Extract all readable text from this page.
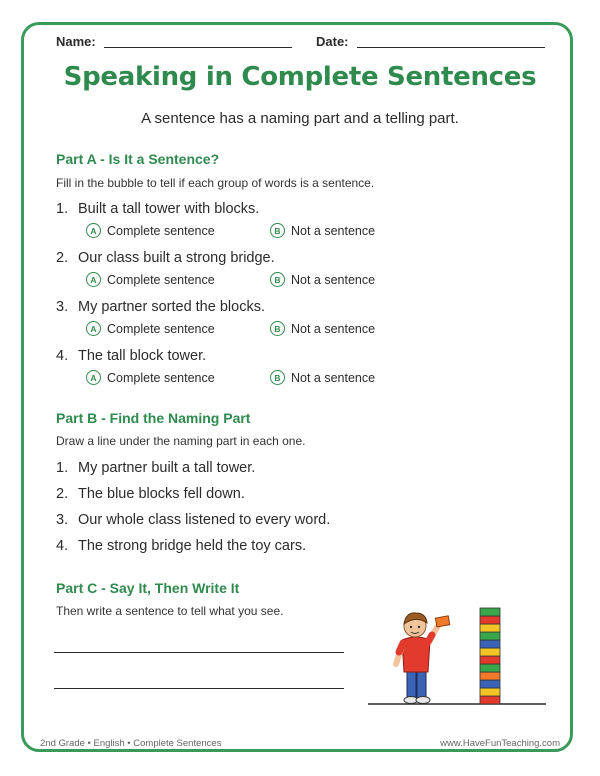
Name:	Date:
Speaking in Complete Sentences
A sentence has a naming part and a telling part.
Part A - Is It a Sentence?
Fill in the bubble to tell if each group of words is a sentence.
1. Built a tall tower with blocks.
A Complete sentence	B Not a sentence
2. Our class built a strong bridge.
A Complete sentence	B Not a sentence
3. My partner sorted the blocks.
A Complete sentence	B Not a sentence
4. The tall block tower.
A Complete sentence	B Not a sentence
Part B - Find the Naming Part
Draw a line under the naming part in each one.
1. My partner built a tall tower.
2. The blue blocks fell down.
3. Our whole class listened to every word.
4. The strong bridge held the toy cars.
Part C - Say It, Then Write It
Then write a sentence to tell what you see.
2nd Grade • English • Complete Sentences	www.HaveFunTeaching.com
